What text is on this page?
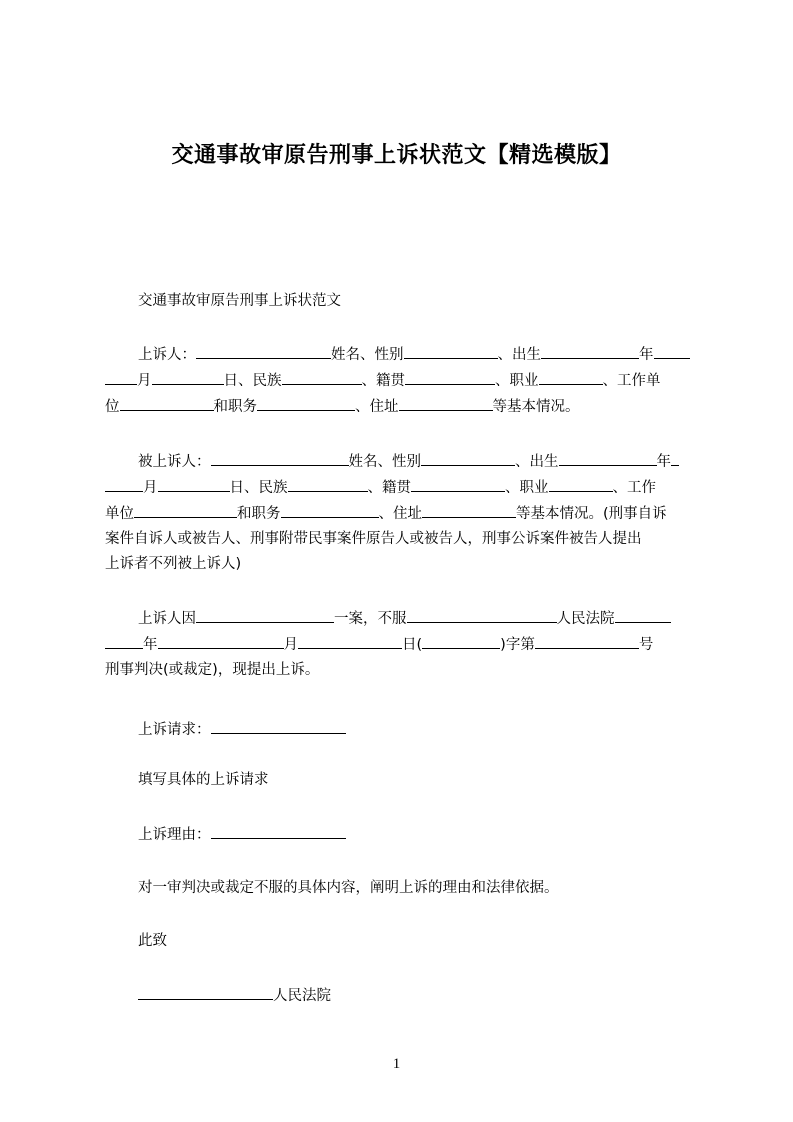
交通事故审原告刑事上诉状范文【精选模版】
交通事故审原告刑事上诉状范文
上诉人：	姓名、性别	、出生	年
月	日、民族	、籍贯	、职业	、工作单
位	和职务	、住址	等基本情况。
被上诉人：	姓名、性别	、出生	年
月	日、民族	、籍贯	、职业	、工作
单位	和职务	、住址	等基本情况。(刑事自诉
案件自诉人或被告人、刑事附带民事案件原告人或被告人，刑事公诉案件被告人提出
上诉者不列被上诉人)
上诉人因	一案，不服	人民法院
年	月	日(	)字第	号
刑事判决(或裁定)，现提出上诉。
上诉请求：
填写具体的上诉请求
上诉理由：
对一审判决或裁定不服的具体内容，阐明上诉的理由和法律依据。
此致
人民法院
1
